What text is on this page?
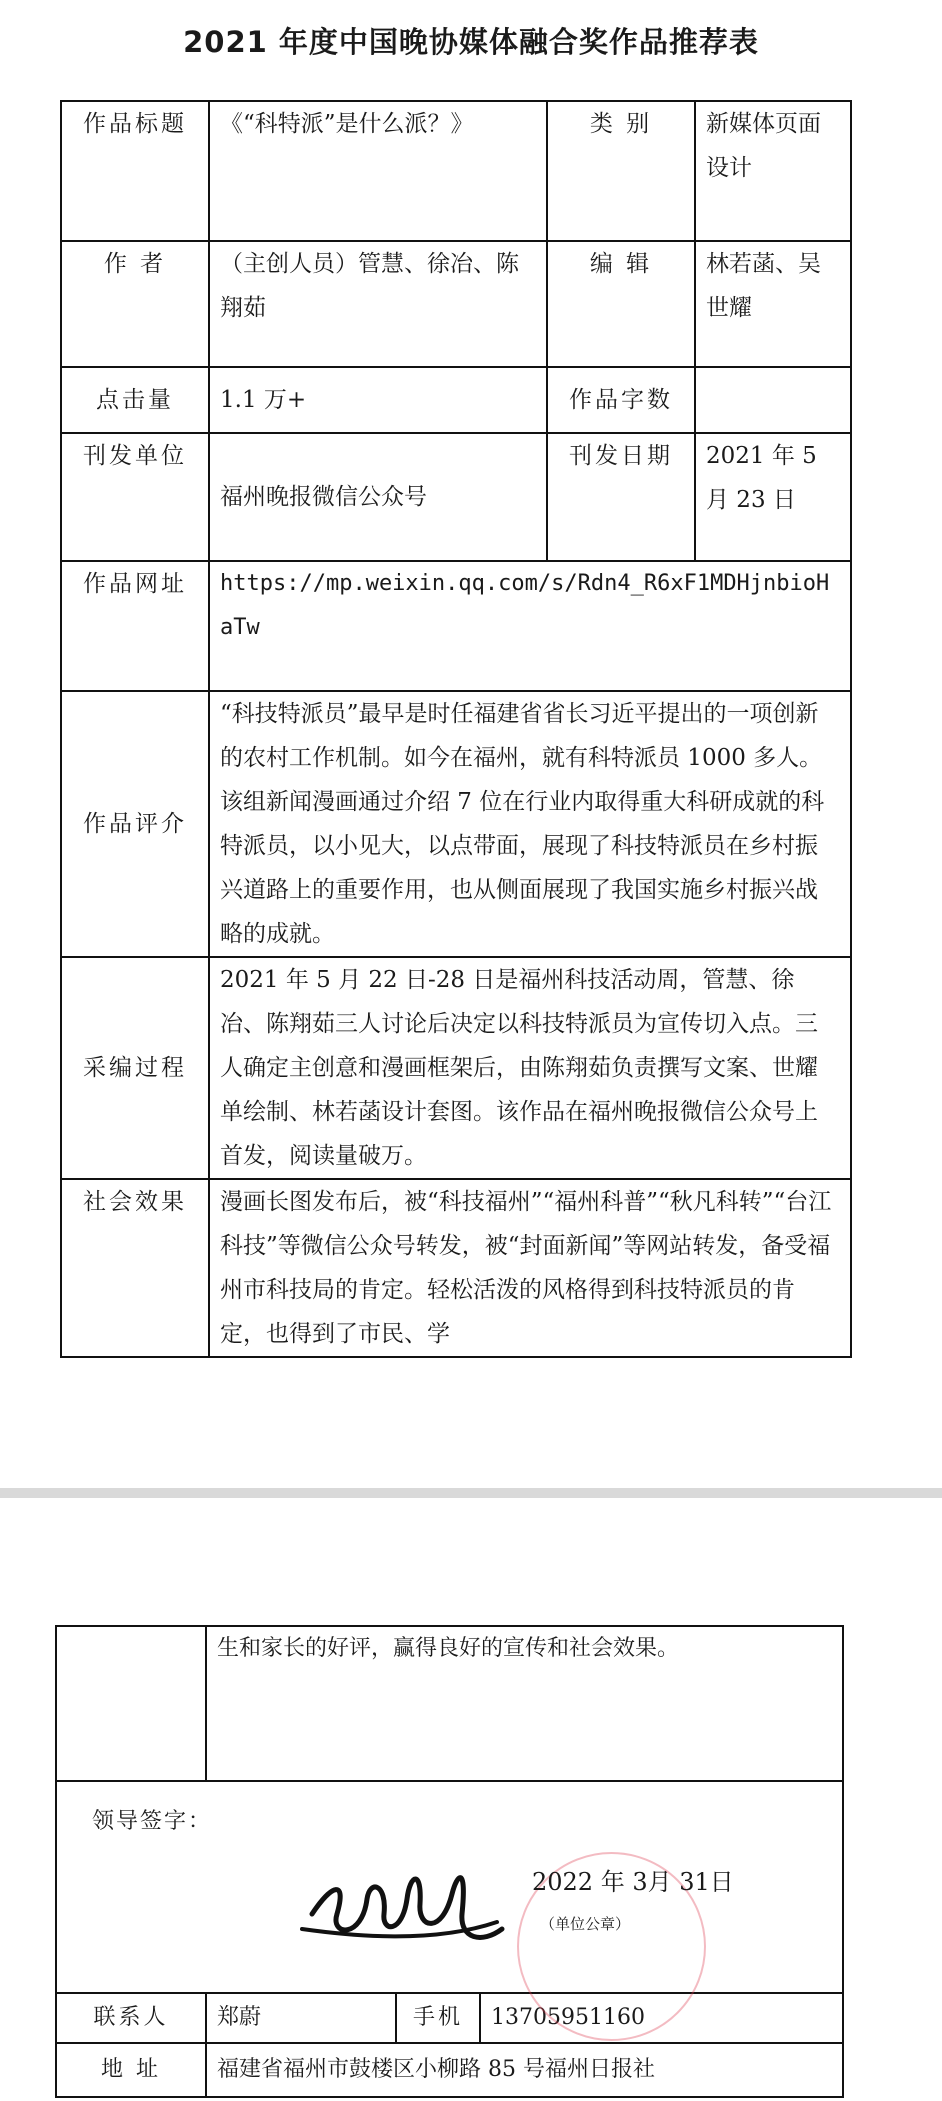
2021 年度中国晚协媒体融合奖作品推荐表
作品标题	《“科特派”是什么派？》	类 别	新媒体页面设计
作 者	（主创人员）管慧、徐冶、陈翔茹	编 辑	林若菡、吴世耀
点击量	1.1 万+	作品字数	
刊发单位	福州晚报微信公众号	刊发日期	2021 年 5 月 23 日
作品网址	https://mp.weixin.qq.com/s/Rdn4_R6xF1MDHjnbioHaTw		
作品评介	“科技特派员”最早是时任福建省省长习近平提出的一项创新的农村工作机制。如今在福州，就有科特派员 1000 多人。该组新闻漫画通过介绍 7 位在行业内取得重大科研成就的科特派员，以小见大，以点带面，展现了科技特派员在乡村振兴道路上的重要作用，也从侧面展现了我国实施乡村振兴战略的成就。		
采编过程	2021 年 5 月 22 日-28 日是福州科技活动周，管慧、徐冶、陈翔茹三人讨论后决定以科技特派员为宣传切入点。三人确定主创意和漫画框架后，由陈翔茹负责撰写文案、世耀单绘制、林若菡设计套图。该作品在福州晚报微信公众号上首发，阅读量破万。		
社会效果	漫画长图发布后，被“科技福州”“福州科普”“秋凡科转”“台江科技”等微信公众号转发，被“封面新闻”等网站转发，备受福州市科技局的肯定。轻松活泼的风格得到科技特派员的肯定，也得到了市民、学		
	生和家长的好评，赢得良好的宣传和社会效果。		

领导签字：
2022 年 3月 31日
（单位公章）			

联系人	郑蔚	手机	13705951160
地 址	福建省福州市鼓楼区小柳路 85 号福州日报社		
